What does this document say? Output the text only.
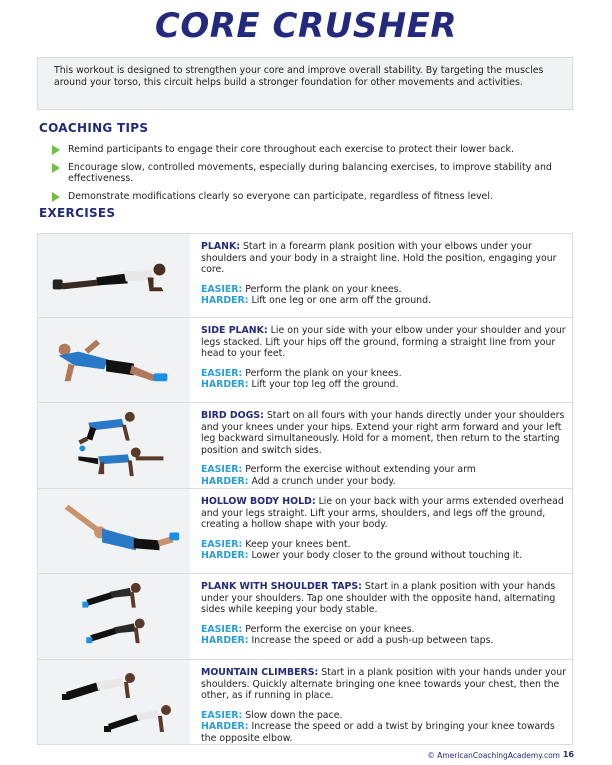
CORE CRUSHER
This workout is designed to strengthen your core and improve overall stability. By targeting the muscles around your torso, this circuit helps build a stronger foundation for other movements and activities.
COACHING TIPS
Remind participants to engage their core throughout each exercise to protect their lower back.
Encourage slow, controlled movements, especially during balancing exercises, to improve stability and effectiveness.
Demonstrate modifications clearly so everyone can participate, regardless of fitness level.
EXERCISES
PLANK: Start in a forearm plank position with your elbows under your shoulders and your body in a straight line. Hold the position, engaging your core.
EASIER: Perform the plank on your knees.
HARDER: Lift one leg or one arm off the ground.
SIDE PLANK: Lie on your side with your elbow under your shoulder and your legs stacked. Lift your hips off the ground, forming a straight line from your head to your feet.
EASIER: Perform the plank on your knees.
HARDER: Lift your top leg off the ground.
BIRD DOGS: Start on all fours with your hands directly under your shoulders and your knees under your hips. Extend your right arm forward and your left leg backward simultaneously. Hold for a moment, then return to the starting position and switch sides.
EASIER: Perform the exercise without extending your arm
HARDER: Add a crunch under your body.
HOLLOW BODY HOLD: Lie on your back with your arms extended overhead and your legs straight. Lift your arms, shoulders, and legs off the ground, creating a hollow shape with your body.
EASIER: Keep your knees bent.
HARDER: Lower your body closer to the ground without touching it.
PLANK WITH SHOULDER TAPS: Start in a plank position with your hands under your shoulders. Tap one shoulder with the opposite hand, alternating sides while keeping your body stable.
EASIER: Perform the exercise on your knees.
HARDER: Increase the speed or add a push-up between taps.
MOUNTAIN CLIMBERS: Start in a plank position with your hands under your shoulders. Quickly alternate bringing one knee towards your chest, then the other, as if running in place.
EASIER: Slow down the pace.
HARDER: Increase the speed or add a twist by bringing your knee towards the opposite elbow.
© AmericanCoachingAcademy.com 16
